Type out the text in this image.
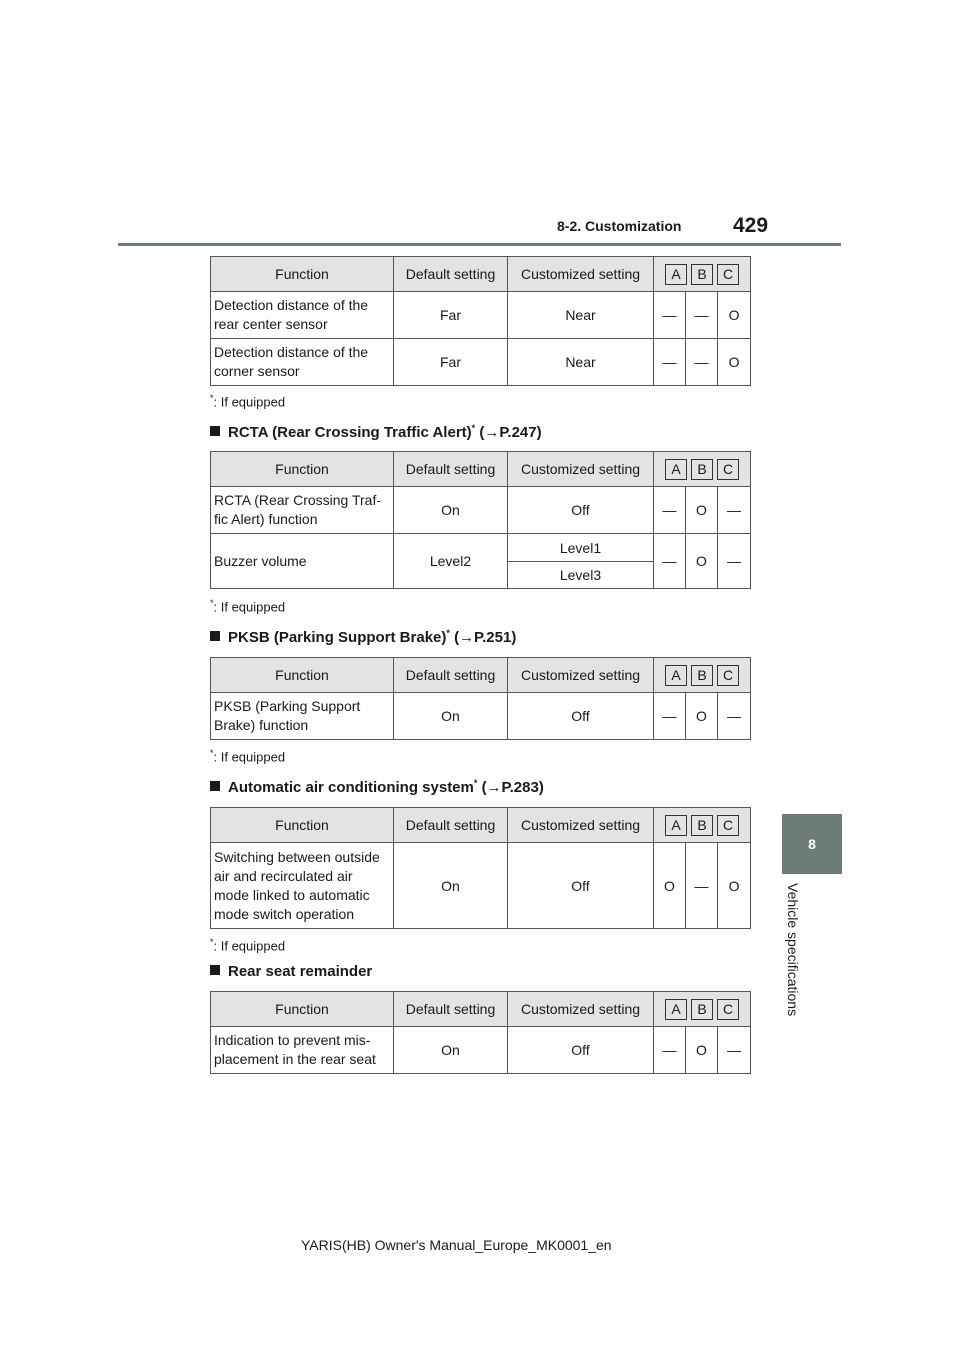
8-2. Customization 429
8
Vehicle specifications
Function	Default setting	Customized setting	A B C		
Detection distance of the rear center sensor	Far	Near	—	—	O
Detection distance of the corner sensor	Far	Near	—	—	O
*: If equipped
RCTA (Rear Crossing Traffic Alert)* (→P.247)
Function	Default setting	Customized setting	A B C		
RCTA (Rear Crossing Traf-fic Alert) function	On	Off	—	O	—
Buzzer volume	Level2	Level1	—	O	—
		Level3			
*: If equipped
PKSB (Parking Support Brake)* (→P.251)
Function	Default setting	Customized setting	A B C		
PKSB (Parking Support Brake) function	On	Off	—	O	—
*: If equipped
Automatic air conditioning system* (→P.283)
Function	Default setting	Customized setting	A B C		
Switching between outside air and recirculated air mode linked to automatic mode switch operation	On	Off	O	—	O
*: If equipped
Rear seat remainder
Function	Default setting	Customized setting	A B C		
Indication to prevent mis-placement in the rear seat	On	Off	—	O	—
YARIS(HB) Owner's Manual_Europe_MK0001_en
